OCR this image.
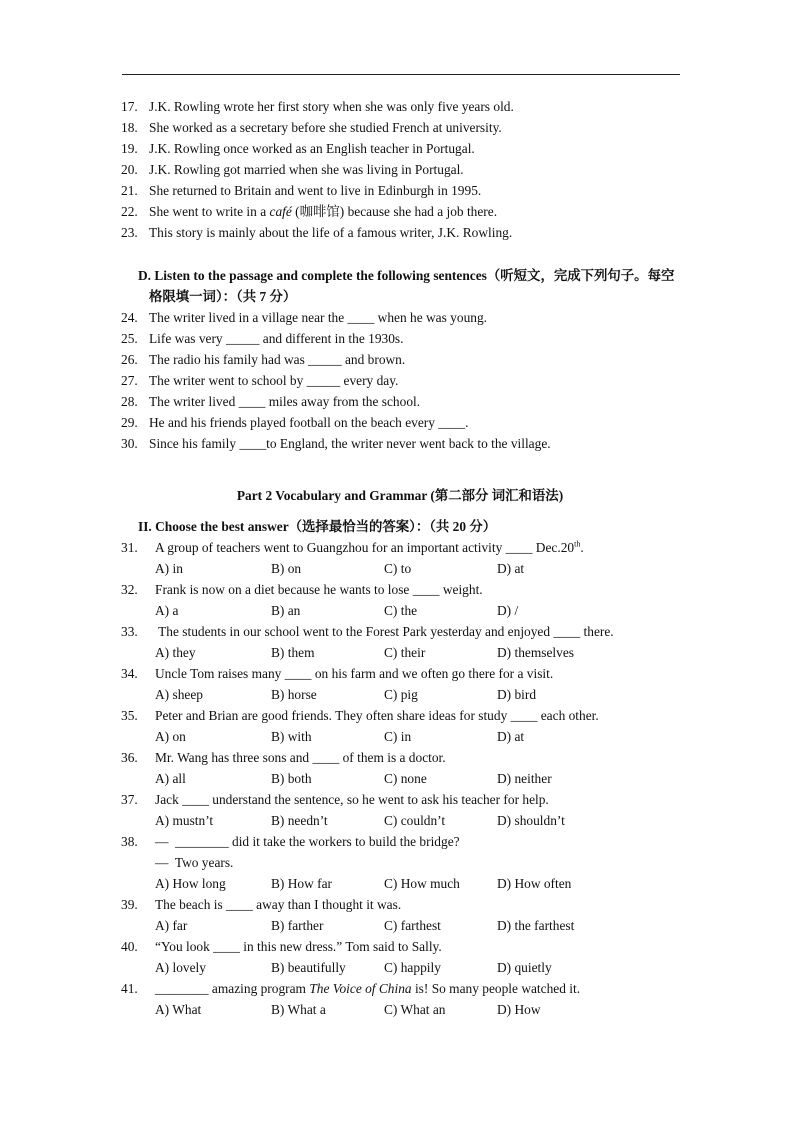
17. J.K. Rowling wrote her first story when she was only five years old.
18. She worked as a secretary before she studied French at university.
19. J.K. Rowling once worked as an English teacher in Portugal.
20. J.K. Rowling got married when she was living in Portugal.
21. She returned to Britain and went to live in Edinburgh in 1995.
22. She went to write in a café (咖啡馆) because she had a job there.
23. This story is mainly about the life of a famous writer, J.K. Rowling.
D. Listen to the passage and complete the following sentences（听短文，完成下列句子。每空
格限填一词）：（共 7 分）
24. The writer lived in a village near the ____ when he was young.
25. Life was very _____ and different in the 1930s.
26. The radio his family had was _____ and brown.
27. The writer went to school by _____ every day.
28. The writer lived ____ miles away from the school.
29. He and his friends played football on the beach every ____.
30. Since his family ____to England, the writer never went back to the village.
Part 2 Vocabulary and Grammar (第二部分 词汇和语法)
II. Choose the best answer（选择最恰当的答案）：（共 20 分）
31. A group of teachers went to Guangzhou for an important activity ____ Dec.20th.
A) in	B) on	C) to	D) at
32. Frank is now on a diet because he wants to lose ____ weight.
A) a	B) an	C) the	D) /
33. The students in our school went to the Forest Park yesterday and enjoyed ____ there.
A) they	B) them	C) their	D) themselves
34. Uncle Tom raises many ____ on his farm and we often go there for a visit.
A) sheep	B) horse	C) pig	D) bird
35. Peter and Brian are good friends. They often share ideas for study ____ each other.
A) on	B) with	C) in	D) at
36. Mr. Wang has three sons and ____ of them is a doctor.
A) all	B) both	C) none	D) neither
37. Jack ____ understand the sentence, so he went to ask his teacher for help.
A) mustn’t	B) needn’t	C) couldn’t	D) shouldn’t
38. —  ________ did it take the workers to build the bridge?
—  Two years.
A) How long	B) How far	C) How much	D) How often
39. The beach is ____ away than I thought it was.
A) far	B) farther	C) farthest	D) the farthest
40. “You look ____ in this new dress.” Tom said to Sally.
A) lovely	B) beautifully	C) happily	D) quietly
41. ________ amazing program The Voice of China is! So many people watched it.
A) What	B) What a	C) What an	D) How
